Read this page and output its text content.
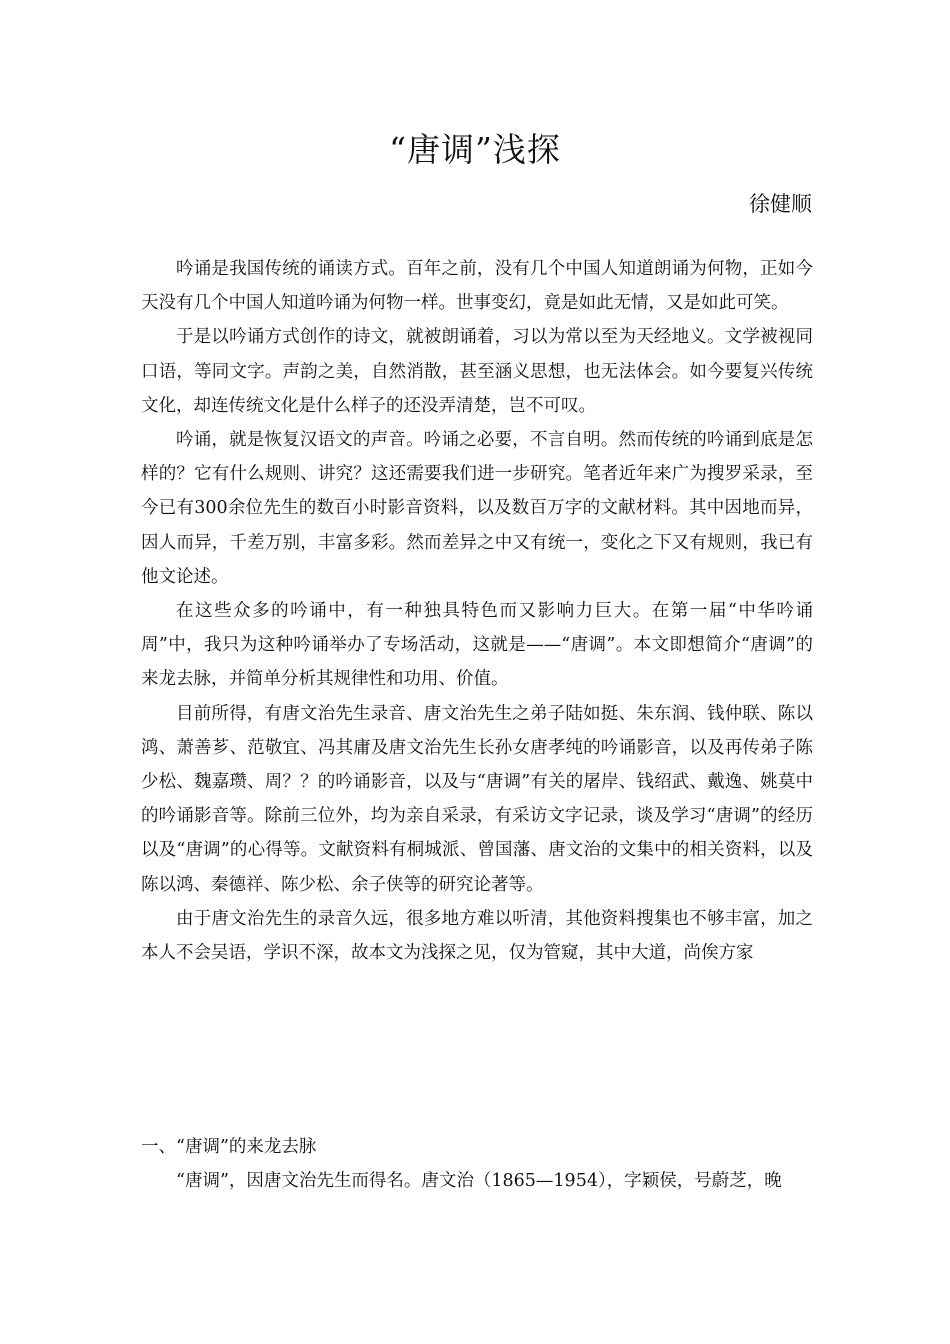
“唐调”浅探
徐健顺

吟诵是我国传统的诵读方式。百年之前，没有几个中国人知道朗诵为何物，正如今天没有几个中国人知道吟诵为何物一样。世事变幻，竟是如此无情，又是如此可笑。

于是以吟诵方式创作的诗文，就被朗诵着，习以为常以至为天经地义。文学被视同口语，等同文字。声韵之美，自然消散，甚至涵义思想，也无法体会。如今要复兴传统文化，却连传统文化是什么样子的还没弄清楚，岂不可叹。

吟诵，就是恢复汉语文的声音。吟诵之必要，不言自明。然而传统的吟诵到底是怎样的？它有什么规则、讲究？这还需要我们进一步研究。笔者近年来广为搜罗采录，至今已有300余位先生的数百小时影音资料，以及数百万字的文献材料。其中因地而异，因人而异，千差万别，丰富多彩。然而差异之中又有统一，变化之下又有规则，我已有他文论述。

在这些众多的吟诵中，有一种独具特色而又影响力巨大。在第一届“中华吟诵周”中，我只为这种吟诵举办了专场活动，这就是——“唐调”。本文即想简介“唐调”的来龙去脉，并简单分析其规律性和功用、价值。

目前所得，有唐文治先生录音、唐文治先生之弟子陆如挺、朱东润、钱仲联、陈以鸿、萧善芗、范敬宜、冯其庸及唐文治先生长孙女唐孝纯的吟诵影音，以及再传弟子陈少松、魏嘉瓒、周？？的吟诵影音，以及与“唐调”有关的屠岸、钱绍武、戴逸、姚莫中的吟诵影音等。除前三位外，均为亲自采录，有采访文字记录，谈及学习“唐调”的经历以及“唐调”的心得等。文献资料有桐城派、曾国藩、唐文治的文集中的相关资料，以及陈以鸿、秦德祥、陈少松、余子侠等的研究论著等。

由于唐文治先生的录音久远，很多地方难以听清，其他资料搜集也不够丰富，加之本人不会吴语，学识不深，故本文为浅探之见，仅为管窥，其中大道，尚俟方家

一、“唐调”的来龙去脉

“唐调”，因唐文治先生而得名。唐文治（1865—1954），字颖侯，号蔚芝，晚
